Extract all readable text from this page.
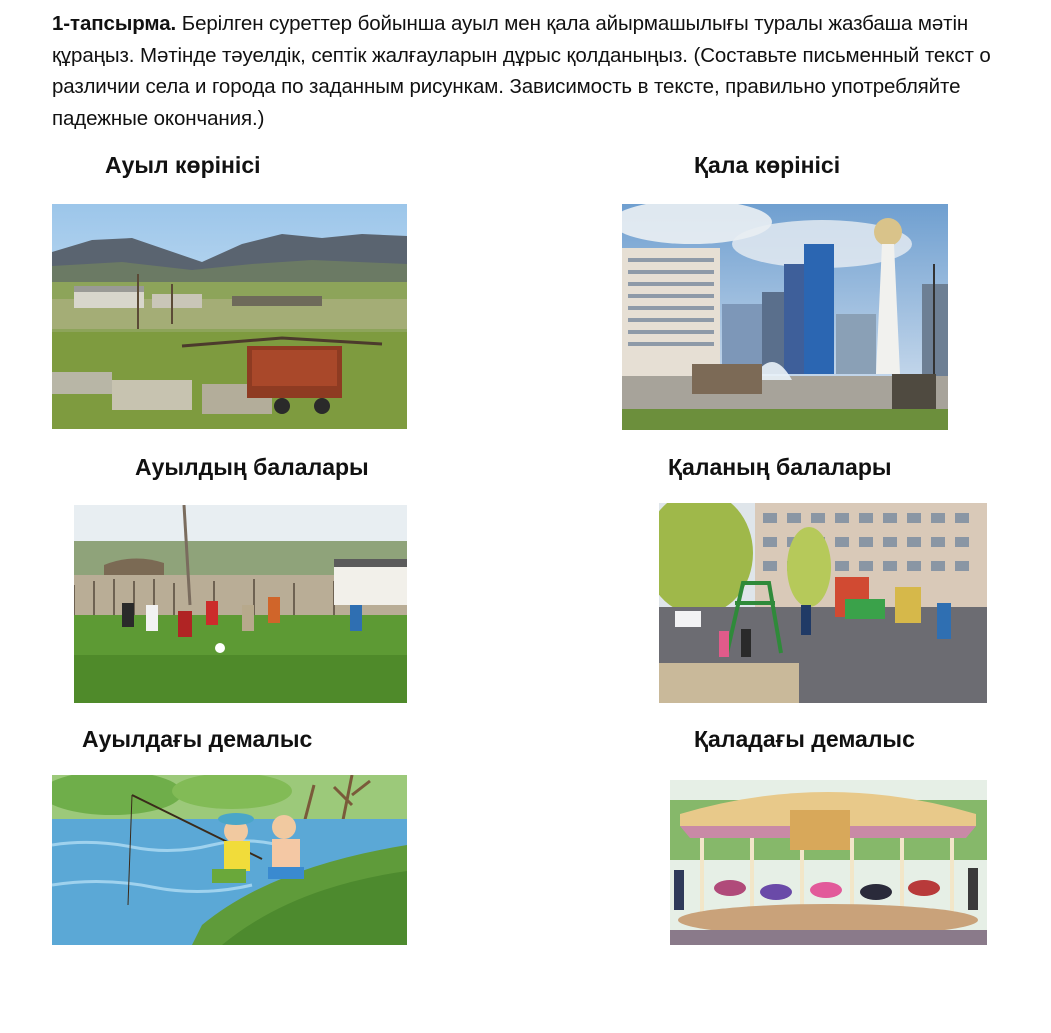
1-тапсырма. Берілген суреттер бойынша ауыл мен қала айырмашылығы туралы жазбаша мәтін құраңыз. Мәтінде тәуелдік, септік жалғауларын дұрыс қолданыңыз. (Составьте письменный текст о различии села и города по заданным рисункам. Зависимость в тексте, правильно употребляйте падежные окончания.)
Ауыл көрінісі	Қала көрінісі
Ауылдың балалары	Қаланың балалары
Ауылдағы демалыс	Қаладағы демалыс
